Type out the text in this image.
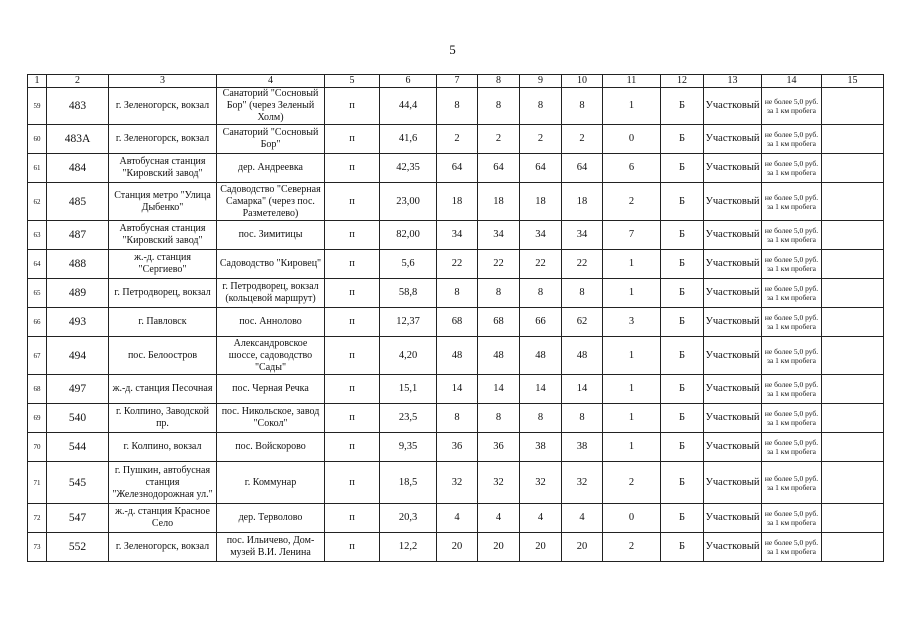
5
1	2	3	4	5	6	7	8	9	10	11	12	13	14	15
59	483	г. Зеленогорск, вокзал	Санаторий "Сосновый Бор" (через Зеленый Холм)	п	44,4	8	8	8	8	1	Б	Участковый	не более 5,0 руб. за 1 км пробега	
60	483А	г. Зеленогорск, вокзал	Санаторий "Сосновый Бор"	п	41,6	2	2	2	2	0	Б	Участковый	не более 5,0 руб. за 1 км пробега	
61	484	Автобусная станция "Кировский завод"	дер. Андреевка	п	42,35	64	64	64	64	6	Б	Участковый	не более 5,0 руб. за 1 км пробега	
62	485	Станция метро "Улица Дыбенко"	Садоводство "Северная Самарка" (через пос. Разметелево)	п	23,00	18	18	18	18	2	Б	Участковый	не более 5,0 руб. за 1 км пробега	
63	487	Автобусная станция "Кировский завод"	пос. Зимитицы	п	82,00	34	34	34	34	7	Б	Участковый	не более 5,0 руб. за 1 км пробега	
64	488	ж.-д. станция "Сергиево"	Садоводство "Кировец"	п	5,6	22	22	22	22	1	Б	Участковый	не более 5,0 руб. за 1 км пробега	
65	489	г. Петродворец, вокзал	г. Петродворец, вокзал (кольцевой маршрут)	п	58,8	8	8	8	8	1	Б	Участковый	не более 5,0 руб. за 1 км пробега	
66	493	г. Павловск	пос. Аннолово	п	12,37	68	68	66	62	3	Б	Участковый	не более 5,0 руб. за 1 км пробега	
67	494	пос. Белоостров	Александровское шоссе, садоводство "Сады"	п	4,20	48	48	48	48	1	Б	Участковый	не более 5,0 руб. за 1 км пробега	
68	497	ж.-д. станция Песочная	пос. Черная Речка	п	15,1	14	14	14	14	1	Б	Участковый	не более 5,0 руб. за 1 км пробега	
69	540	г. Колпино, Заводской пр.	пос. Никольское, завод "Сокол"	п	23,5	8	8	8	8	1	Б	Участковый	не более 5,0 руб. за 1 км пробега	
70	544	г. Колпино, вокзал	пос. Войскорово	п	9,35	36	36	38	38	1	Б	Участковый	не более 5,0 руб. за 1 км пробега	
71	545	г. Пушкин, автобусная станция "Железнодорожная ул."	г. Коммунар	п	18,5	32	32	32	32	2	Б	Участковый	не более 5,0 руб. за 1 км пробега	
72	547	ж.-д. станция Красное Село	дер. Терволово	п	20,3	4	4	4	4	0	Б	Участковый	не более 5,0 руб. за 1 км пробега	
73	552	г. Зеленогорск, вокзал	пос. Ильичево, Дом-музей В.И. Ленина	п	12,2	20	20	20	20	2	Б	Участковый	не более 5,0 руб. за 1 км пробега	
